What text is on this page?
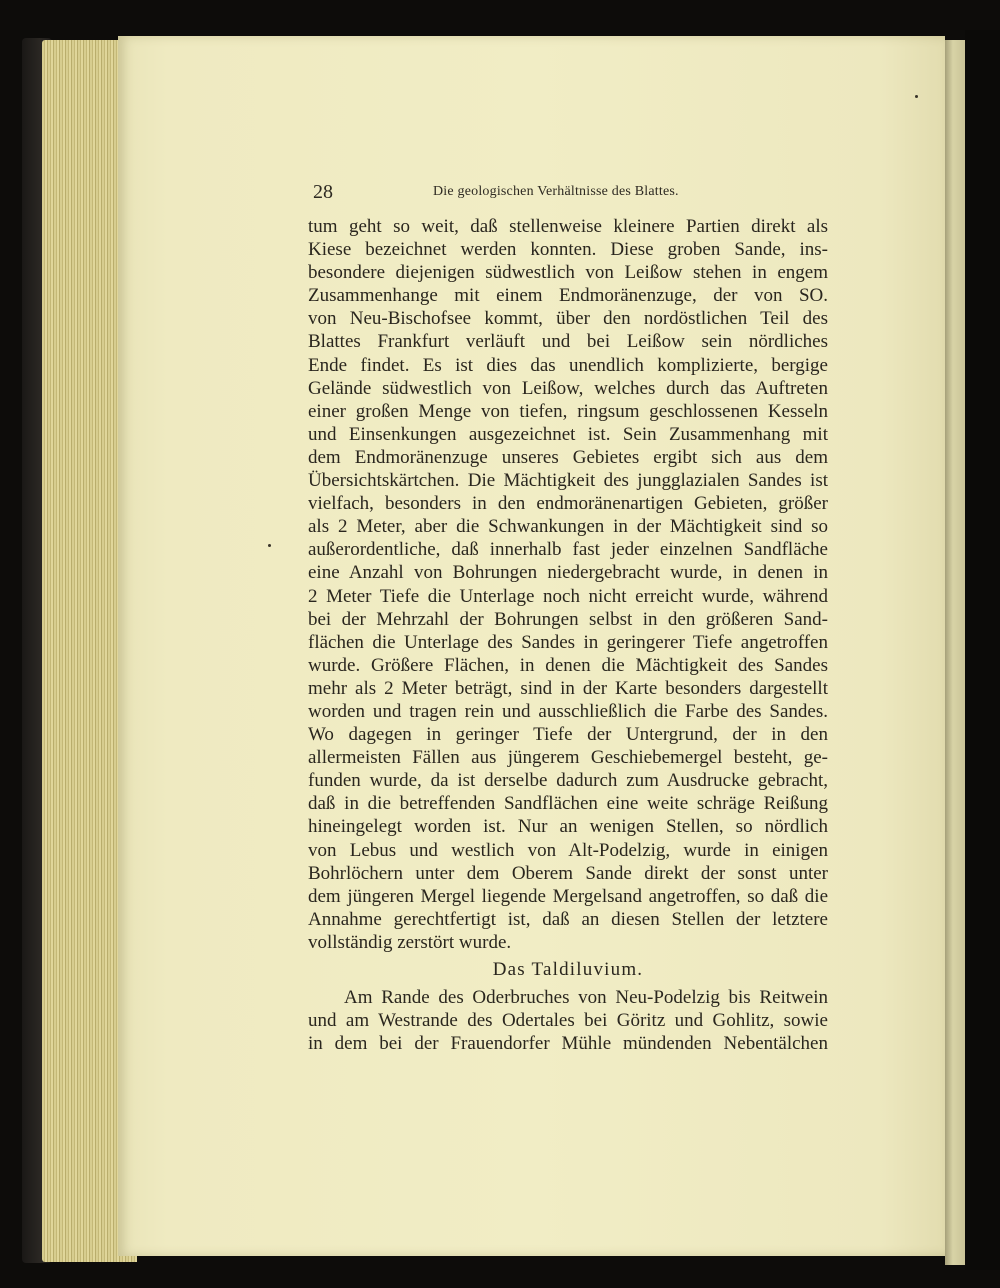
28	Die geologischen Verhältnisse des Blattes.
tum geht so weit, daß stellenweise kleinere Partien direkt als
Kiese bezeichnet werden konnten. Diese groben Sande, ins-
besondere diejenigen südwestlich von Leißow stehen in engem
Zusammenhange mit einem Endmoränenzuge, der von SO.
von Neu-Bischofsee kommt, über den nordöstlichen Teil des
Blattes Frankfurt verläuft und bei Leißow sein nördliches
Ende findet. Es ist dies das unendlich komplizierte, bergige
Gelände südwestlich von Leißow, welches durch das Auftreten
einer großen Menge von tiefen, ringsum geschlossenen Kesseln
und Einsenkungen ausgezeichnet ist. Sein Zusammenhang mit
dem Endmoränenzuge unseres Gebietes ergibt sich aus dem
Übersichtskärtchen. Die Mächtigkeit des jungglazialen Sandes ist
vielfach, besonders in den endmoränenartigen Gebieten, größer
als 2 Meter, aber die Schwankungen in der Mächtigkeit sind so
außerordentliche, daß innerhalb fast jeder einzelnen Sandfläche
eine Anzahl von Bohrungen niedergebracht wurde, in denen in
2 Meter Tiefe die Unterlage noch nicht erreicht wurde, während
bei der Mehrzahl der Bohrungen selbst in den größeren Sand-
flächen die Unterlage des Sandes in geringerer Tiefe angetroffen
wurde. Größere Flächen, in denen die Mächtigkeit des Sandes
mehr als 2 Meter beträgt, sind in der Karte besonders dargestellt
worden und tragen rein und ausschließlich die Farbe des Sandes.
Wo dagegen in geringer Tiefe der Untergrund, der in den
allermeisten Fällen aus jüngerem Geschiebemergel besteht, ge-
funden wurde, da ist derselbe dadurch zum Ausdrucke gebracht,
daß in die betreffenden Sandflächen eine weite schräge Reißung
hineingelegt worden ist. Nur an wenigen Stellen, so nördlich
von Lebus und westlich von Alt-Podelzig, wurde in einigen
Bohrlöchern unter dem Oberem Sande direkt der sonst unter
dem jüngeren Mergel liegende Mergelsand angetroffen, so daß die
Annahme gerechtfertigt ist, daß an diesen Stellen der letztere
vollständig zerstört wurde.
Das Taldiluvium.
Am Rande des Oderbruches von Neu-Podelzig bis Reitwein
und am Westrande des Odertales bei Göritz und Gohlitz, sowie
in dem bei der Frauendorfer Mühle mündenden Nebentälchen
